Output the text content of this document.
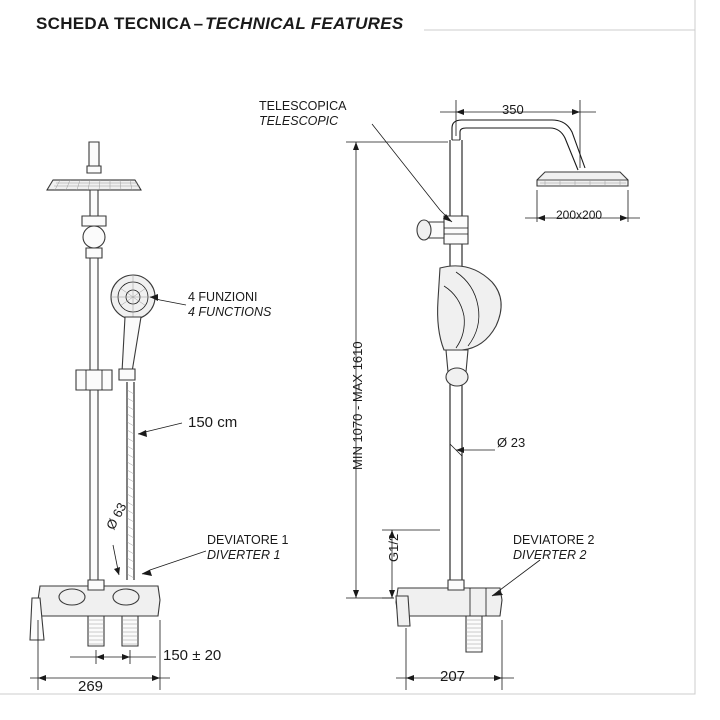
SCHEDA TECNICA – TECHNICAL FEATURES
TELESCOPICA
TELESCOPIC
4 FUNZIONI
4 FUNCTIONS
150 cm
DEVIATORE 1
DIVERTER 1
DEVIATORE 2
DIVERTER 2
350
200x200
MIN 1070 - MAX 1610	Ø 23
G1/2
Ø 63
150 ± 20
269
207
